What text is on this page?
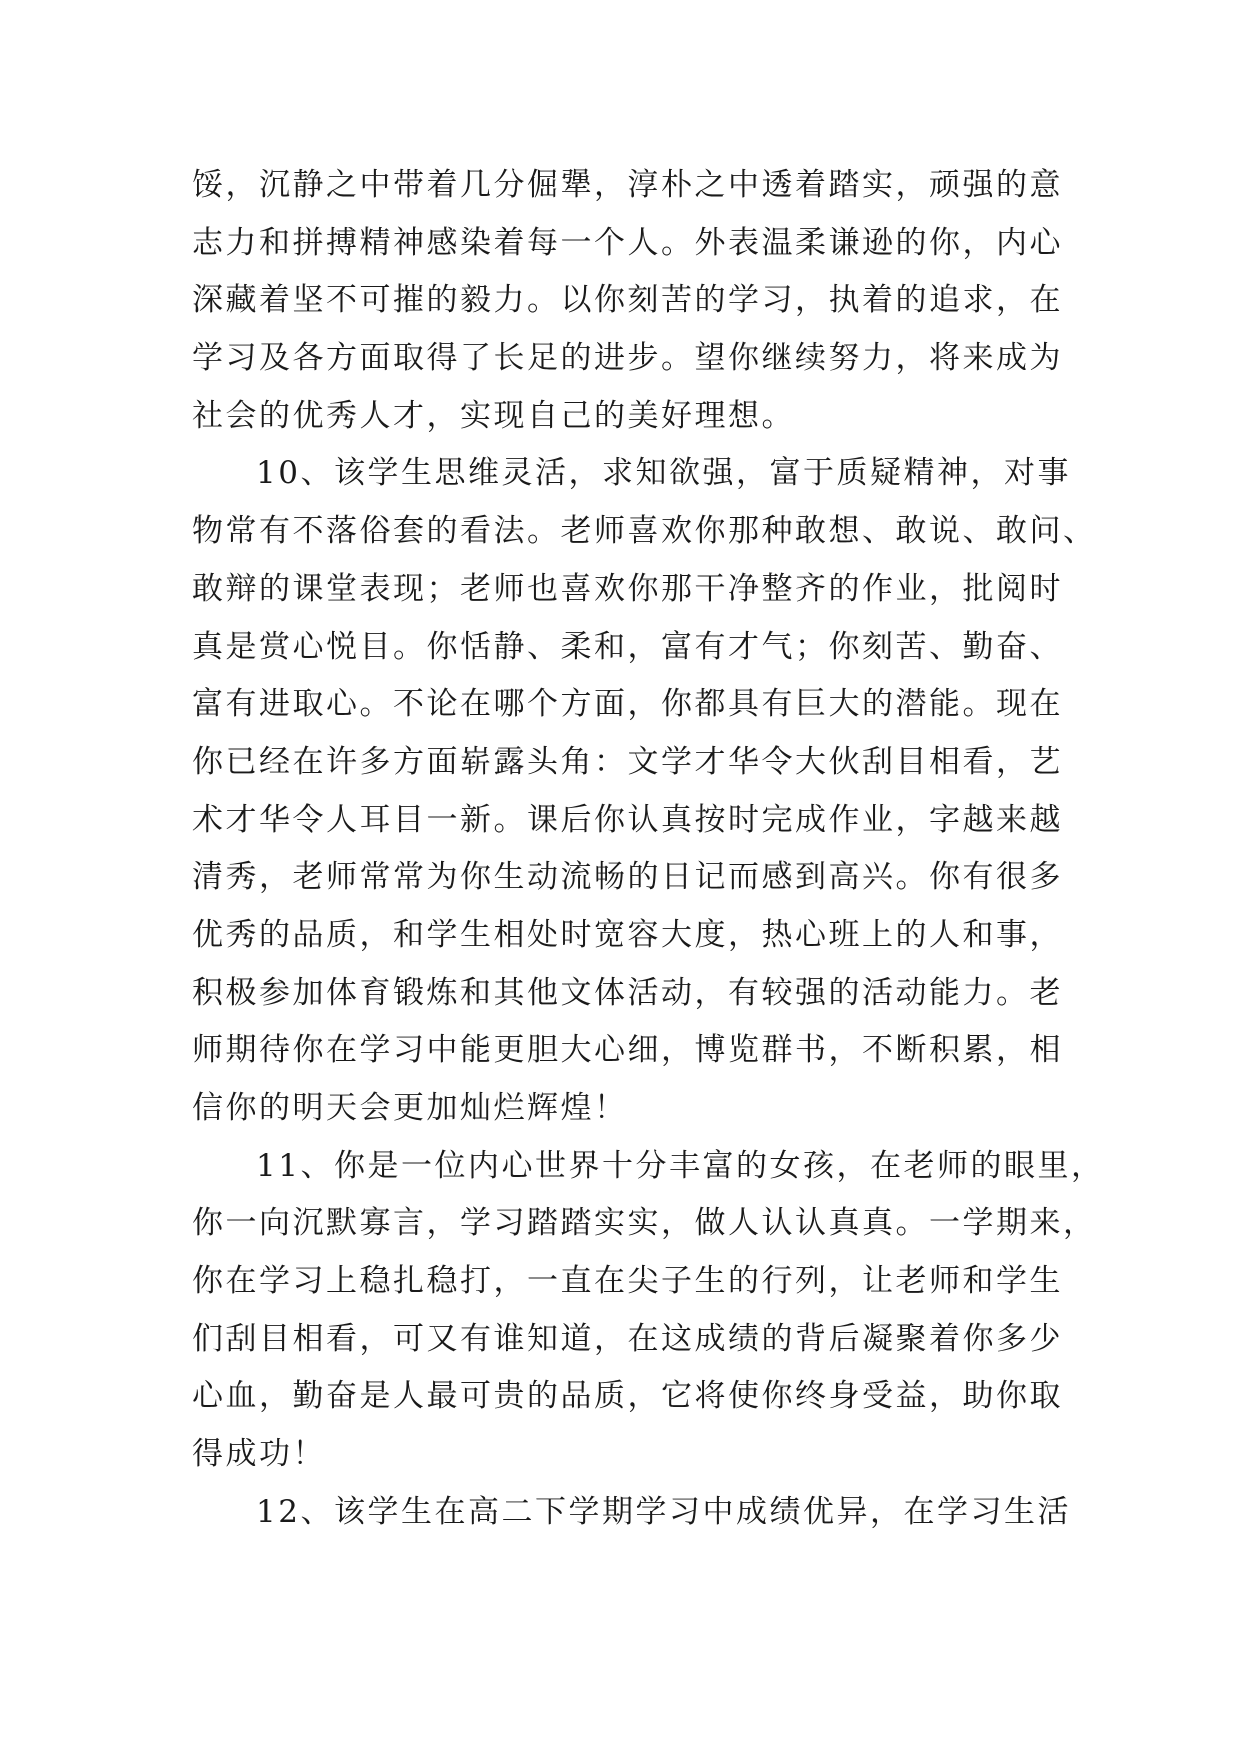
馁，沉静之中带着几分倔犟，淳朴之中透着踏实，顽强的意
志力和拼搏精神感染着每一个人。外表温柔谦逊的你，内心
深藏着坚不可摧的毅力。以你刻苦的学习，执着的追求，在
学习及各方面取得了长足的进步。望你继续努力，将来成为
社会的优秀人才，实现自己的美好理想。
10、该学生思维灵活，求知欲强，富于质疑精神，对事
物常有不落俗套的看法。老师喜欢你那种敢想、敢说、敢问、
敢辩的课堂表现；老师也喜欢你那干净整齐的作业，批阅时
真是赏心悦目。你恬静、柔和，富有才气；你刻苦、勤奋、
富有进取心。不论在哪个方面，你都具有巨大的潜能。现在
你已经在许多方面崭露头角：文学才华令大伙刮目相看，艺
术才华令人耳目一新。课后你认真按时完成作业，字越来越
清秀，老师常常为你生动流畅的日记而感到高兴。你有很多
优秀的品质，和学生相处时宽容大度，热心班上的人和事，
积极参加体育锻炼和其他文体活动，有较强的活动能力。老
师期待你在学习中能更胆大心细，博览群书，不断积累，相
信你的明天会更加灿烂辉煌！
11、你是一位内心世界十分丰富的女孩，在老师的眼里，
你一向沉默寡言，学习踏踏实实，做人认认真真。一学期来，
你在学习上稳扎稳打，一直在尖子生的行列，让老师和学生
们刮目相看，可又有谁知道，在这成绩的背后凝聚着你多少
心血，勤奋是人最可贵的品质，它将使你终身受益，助你取
得成功！
12、该学生在高二下学期学习中成绩优异，在学习生活
